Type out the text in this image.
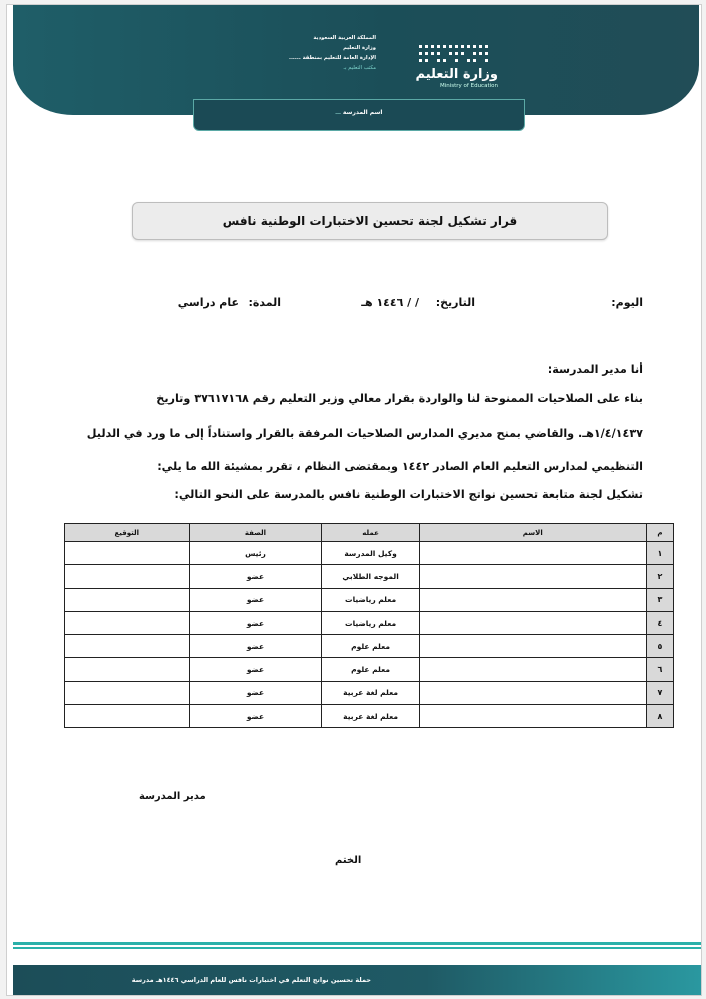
المملكة العربية السعودية
وزارة التعليم
الإدارة العامة للتعليم بمنطقة ......
مكتب التعليم بـ	وزارة التعليم
Ministry of Education
اسم المدرسة ـــ
قرار تشكيل لجنة تحسين الاختبارات الوطنية نافس
اليوم:
التاريخ:
/ / ١٤٤٦ هـ
المدة:
عام دراسي
أنا مدير المدرسة:
بناء على الصلاحيات الممنوحة لنا والواردة بقرار معالي وزير التعليم رقم ٣٧٦١٧١٦٨ وتاريخ
١/٤/١٤٣٧هـ. والقاضي بمنح مديري المدارس الصلاحيات المرفقة بالقرار واستناداً إلى ما ورد في الدليل
التنظيمي لمدارس التعليم العام الصادر ١٤٤٢ وبمقتضى النظام ، تقرر بمشيئة الله ما يلي:
تشكيل لجنة متابعة تحسين نواتج الاختبارات الوطنية نافس بالمدرسة على النحو التالي:
م	الاسم	عمله	الصفة	التوقيع
١		وكيل المدرسة	رئيس	
٢		الموجه الطلابي	عضو	
٣		معلم رياضيات	عضو	
٤		معلم رياضيات	عضو	
٥		معلم علوم	عضو	
٦		معلم علوم	عضو	
٧		معلم لغة عربية	عضو	
٨		معلم لغة عربية	عضو	
مدير المدرسة
الختم
حملة تحسين نواتج التعلم في اختبارات نافس للعام الدراسي ١٤٤٦هـ مدرسة
